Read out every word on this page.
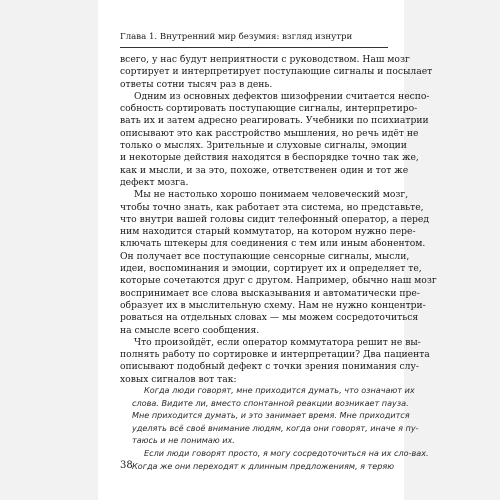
Глава 1. Внутренний мир безумия: взгляд изнутри

всего, у нас будут неприятности с руководством. Наш мозг
сортирует и интерпретирует поступающие сигналы и посылает
ответы сотни тысяч раз в день.

Одним из основных дефектов шизофрении считается неспо-
собность сортировать поступающие сигналы, интерпретиро-
вать их и затем адресно реагировать. Учебники по психиатрии
описывают это как расстройство мышления, но речь идёт не
только о мыслях. Зрительные и слуховые сигналы, эмоции
и некоторые действия находятся в беспорядке точно так же,
как и мысли, и за это, похоже, ответственен один и тот же
дефект мозга.

Мы не настолько хорошо понимаем человеческий мозг,
чтобы точно знать, как работает эта система, но представьте,
что внутри вашей головы сидит телефонный оператор, а перед
ним находится старый коммутатор, на котором нужно пере-
ключать штекеры для соединения с тем или иным абонентом.
Он получает все поступающие сенсорные сигналы, мысли,
идеи, воспоминания и эмоции, сортирует их и определяет те,
которые сочетаются друг с другом. Например, обычно наш мозг
воспринимает все слова высказывания и автоматически пре-
образует их в мыслительную схему. Нам не нужно концентри-
роваться на отдельных словах — мы можем сосредоточиться
на смысле всего сообщения.

Что произойдёт, если оператор коммутатора решит не вы-
полнять работу по сортировке и интерпретации? Два пациента
описывают подобный дефект с точки зрения понимания слу-
ховых сигналов вот так:

Когда люди говорят, мне приходится думать, что означают их
слова. Видите ли, вместо спонтанной реакции возникает пауза.
Мне приходится думать, и это занимает время. Мне приходится
уделять всё своё внимание людям, когда они говорят, иначе я пу-
таюсь и не понимаю их.
Если люди говорят просто, я могу сосредоточиться на их сло-вах.
Когда же они переходят к длинным предложениям, я теряю
38
